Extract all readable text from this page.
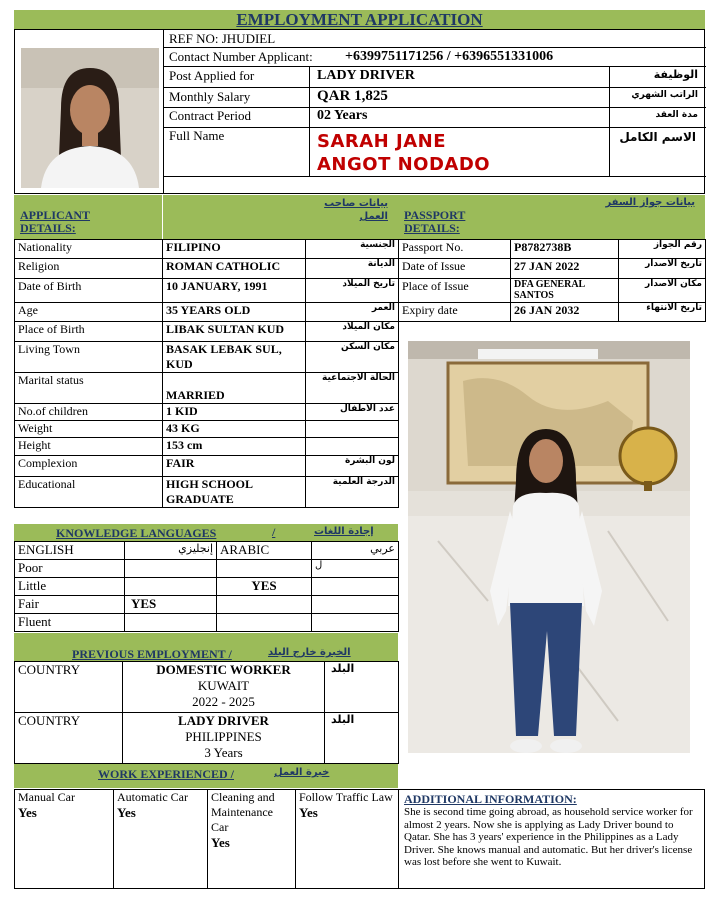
EMPLOYMENT APPLICATION
REF NO: JHUDIEL
Contact Number Applicant: +6399751171256 / +6396551331006
Post Applied for	LADY DRIVER	الوظيفة
Monthly Salary	QAR 1,825	الراتب الشهري
Contract Period	02 Years	مدة العقد
Full Name	SARAH JANE ANGOT NODADO
الاسم الكامل
APPLICANT DETAILS:
بيانات صاحب العمل PASSPORT DETAILS:
بيانات جواز السفر
Nationality	FILIPINO	الجنسية
Religion	ROMAN CATHOLIC	الديانة
Date of Birth	10 JANUARY, 1991	تاريخ الميلاد
Age	35 YEARS OLD	العمر
Place of Birth	LIBAK SULTAN KUD	مكان الميلاد
Living Town	BASAK LEBAK SUL, KUD	مكان السكن
Marital status	MARRIED	الحالة الاجتماعية
No.of children	1 KID	عدد الأطفال
Weight	43 KG	
Height	153 cm	
Complexion	FAIR	لون البشرة
Educational	HIGH SCHOOL GRADUATE	الدرجة العلمية
Passport No.	P8782738B	رقم الجواز
Date of Issue	27 JAN 2022	تاريخ الاصدار
Place of Issue	DFA GENERAL SANTOS	مكان الاصدار
Expiry date	26 JAN 2032	تاريخ الانتهاء
KNOWLEDGE LANGUAGES	/	إجادة اللغات
ENGLISH	إنجليزي	ARABIC	عربي
Poor			ل
Little		YES	
Fair	YES		
Fluent			
PREVIOUS EMPLOYMENT /	الخبرة خارج البلد
COUNTRY	DOMESTIC WORKER
KUWAIT
2022 - 2025	البلد
COUNTRY	LADY DRIVER
PHILIPPINES
3 Years	البلد
WORK EXPERIENCED /	خبرة العمل
Manual Car
Yes

Automatic Car
Yes

Cleaning and Maintenance Car
Yes

Follow Traffic Law
Yes
ADDITIONAL INFORMATION:
She is second time going abroad, as household service worker for almost 2 years. Now she is applying as Lady Driver bound to Qatar. She has 3 years' experience in the Philippines as a Lady Driver. She knows manual and automatic. But her driver's license was lost before she went to Kuwait.
